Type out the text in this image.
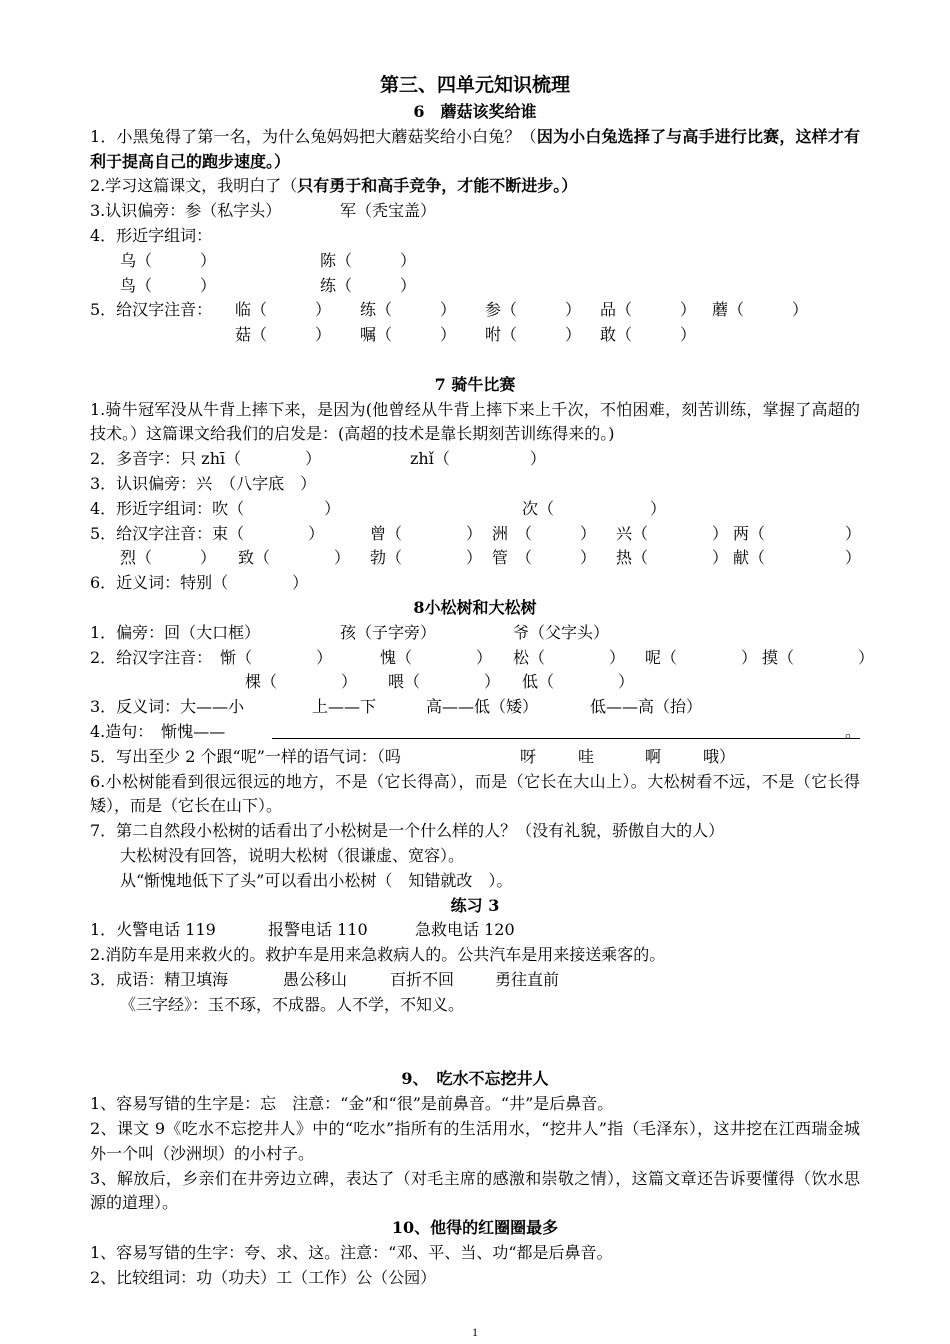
第三、四单元知识梳理
6　蘑菇该奖给谁
1．小黑兔得了第一名，为什么兔妈妈把大蘑菇奖给小白兔？（因为小白兔选择了与高手进行比赛，这样才有利于提高自己的跑步速度。）
2.学习这篇课文，我明白了（只有勇于和高手竞争，才能不断进步。）
3.认识偏旁：参（私字头）	军（秃宝盖）
4．形近字组词：
乌（　　　）	陈（　　　）
鸟（　　　）	练（　　　）
5．给汉字注音： 临（　　　） 练（　　　） 参（　　　） 品（　　　） 蘑（　　　）
菇（　　　） 嘱（　　　） 咐（　　　） 敢（　　　）
7 骑牛比赛
1.骑牛冠军没从牛背上摔下来，是因为(他曾经从牛背上摔下来上千次，不怕困难，刻苦训练，掌握了高超的技术。）这篇课文给我们的启发是：(高超的技术是靠长期刻苦训练得来的。)
2．多音字：只 zhī（　　　　）	zhǐ（　　　　　）
3．认识偏旁：兴　（八字底　）
4．形近字组词：吹（　　　　　）	次（　　　　　　）
5．给汉字注音：束（　　　　）	曾（　　　　） 洲　（　　　） 兴（　　　　） 两（　　　　　）
烈（　　　） 致（　　　　） 勃（　　　　） 管　（　　　） 热（　　　　） 献（　　　　　）
6．近义词：特别（　　　　）
8小松树和大松树
1．偏旁：回（大口框）	孩（子字旁）	爷（父字头）
2．给汉字注音：　惭（　　　　）	愧（　　　　） 松（　　　　） 呢（　　　　） 摸（　　　　）
棵（　　　　） 喂（　　　　） 低（　　　　）
3．反义词：大——小	上——下	高——低（矮）	低——高（抬）
4.造句：　惭愧——	。
5．写出至少 2 个跟“呢”一样的语气词：（吗	呀	哇	啊	哦）
6.小松树能看到很远很远的地方，不是（它长得高），而是（它长在大山上）。大松树看不远，不是（它长得矮），而是（它长在山下）。
7．第二自然段小松树的话看出了小松树是一个什么样的人？（没有礼貌，骄傲自大的人）
大松树没有回答，说明大松树（很谦虚、宽容）。
从“惭愧地低下了头”可以看出小松树（　知错就改　）。
练习 3
1．火警电话 119	报警电话 110	急救电话 120
2.消防车是用来救火的。救护车是用来急救病人的。公共汽车是用来接送乘客的。
3．成语：精卫填海	愚公移山	百折不回	勇往直前
《三字经》：玉不琢，不成器。人不学，不知义。
9、　吃水不忘挖井人
1、容易写错的生字是：忘　注意：“金”和“很”是前鼻音。“井”是后鼻音。
2、课文 9《吃水不忘挖井人》中的“吃水”指所有的生活用水，“挖井人”指（毛泽东），这井挖在江西瑞金城外一个叫（沙洲坝）的小村子。
3、解放后，乡亲们在井旁边立碑，表达了（对毛主席的感激和崇敬之情），这篇文章还告诉要懂得（饮水思源的道理）。
10、他得的红圈圈最多
1、容易写错的生字：夸、求、这。注意：“邓、平、当、功“都是后鼻音。
2、比较组词：功（功夫）工（工作）公（公园）
1
